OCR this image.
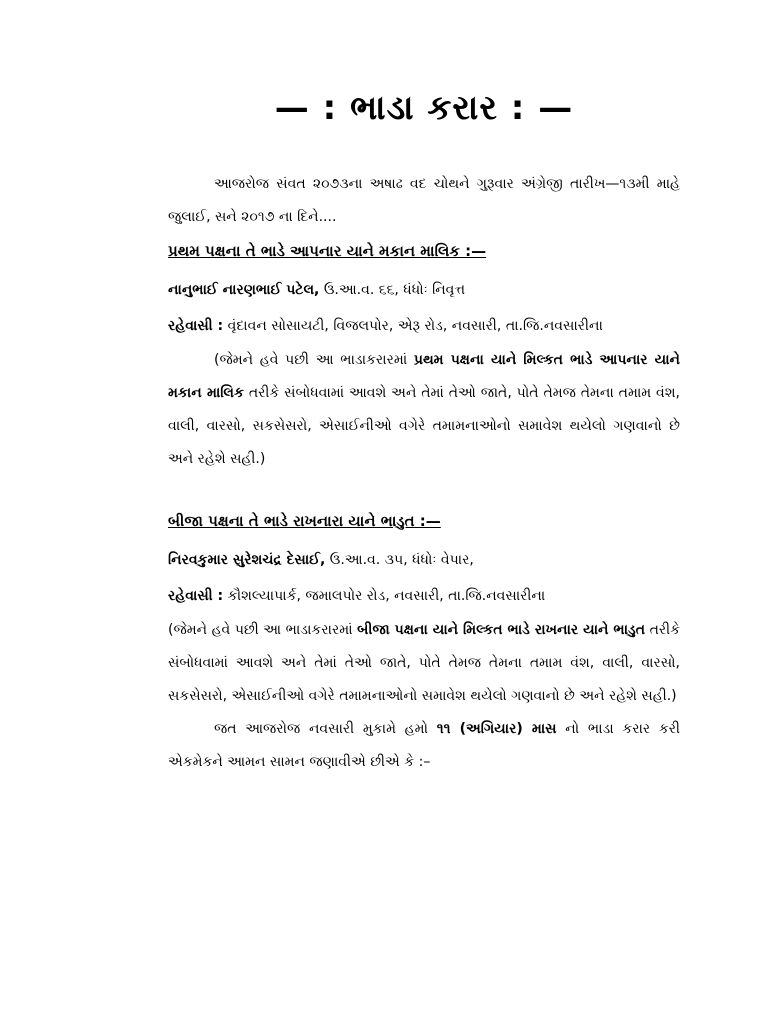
— : ભાડા કરાર : —

આજરોજ સંવત ૨૦૭૩ના અષાઢ વદ ચોથને ગુરૂવાર અંગ્રેજી તારીખ—૧૩મી માહે જુલાઈ, સને ૨૦૧૭ ના દિને....

પ્રથમ પક્ષના તે ભાડે આપનાર યાને મકાન માલિક :—

નાનુભાઈ નારણભાઈ પટેલ, ઉ.આ.વ. ૬૬, ધંધોઃ નિવૃત્ત

રહેવાસી : વૃંદાવન સોસાયટી, વિજલપોર, એરૂ રોડ, નવસારી, તા.જિ.નવસારીના

(જેમને હવે પછી આ ભાડાકરારમાં પ્રથમ પક્ષના યાને મિલ્કત ભાડે આપનાર યાને મકાન માલિક તરીકે સંબોધવામાં આવશે અને તેમાં તેઓ જાતે, પોતે તેમજ તેમના તમામ વંશ, વાલી, વારસો, સકસેસરો, એસાઈનીઓ વગેરે તમામનાઓનો સમાવેશ થયેલો ગણવાનો છે અને રહેશે સહી.)

બીજા પક્ષના તે ભાડે રાખનારા યાને ભાડુત :—

નિરવકુમાર સુરેશચંદ્ર દેસાઈ, ઉ.આ.વ. ૩૫, ધંધોઃ વેપાર,

રહેવાસી : કૌશલ્યાપાર્ક, જમાલપોર રોડ, નવસારી, તા.જિ.નવસારીના

(જેમને હવે પછી આ ભાડાકરારમાં બીજા પક્ષના યાને મિલ્કત ભાડે રાખનાર યાને ભાડુત તરીકે સંબોધવામાં આવશે અને તેમાં તેઓ જાતે, પોતે તેમજ તેમના તમામ વંશ, વાલી, વારસો, સકસેસરો, એસાઈનીઓ વગેરે તમામનાઓનો સમાવેશ થયેલો ગણવાનો છે અને રહેશે સહી.)

જત આજરોજ નવસારી મુકામે હમો ૧૧ (અગિયાર) માસ નો ભાડા કરાર કરી એકમેકને આમન સામન જણાવીએ છીએ કે :–
